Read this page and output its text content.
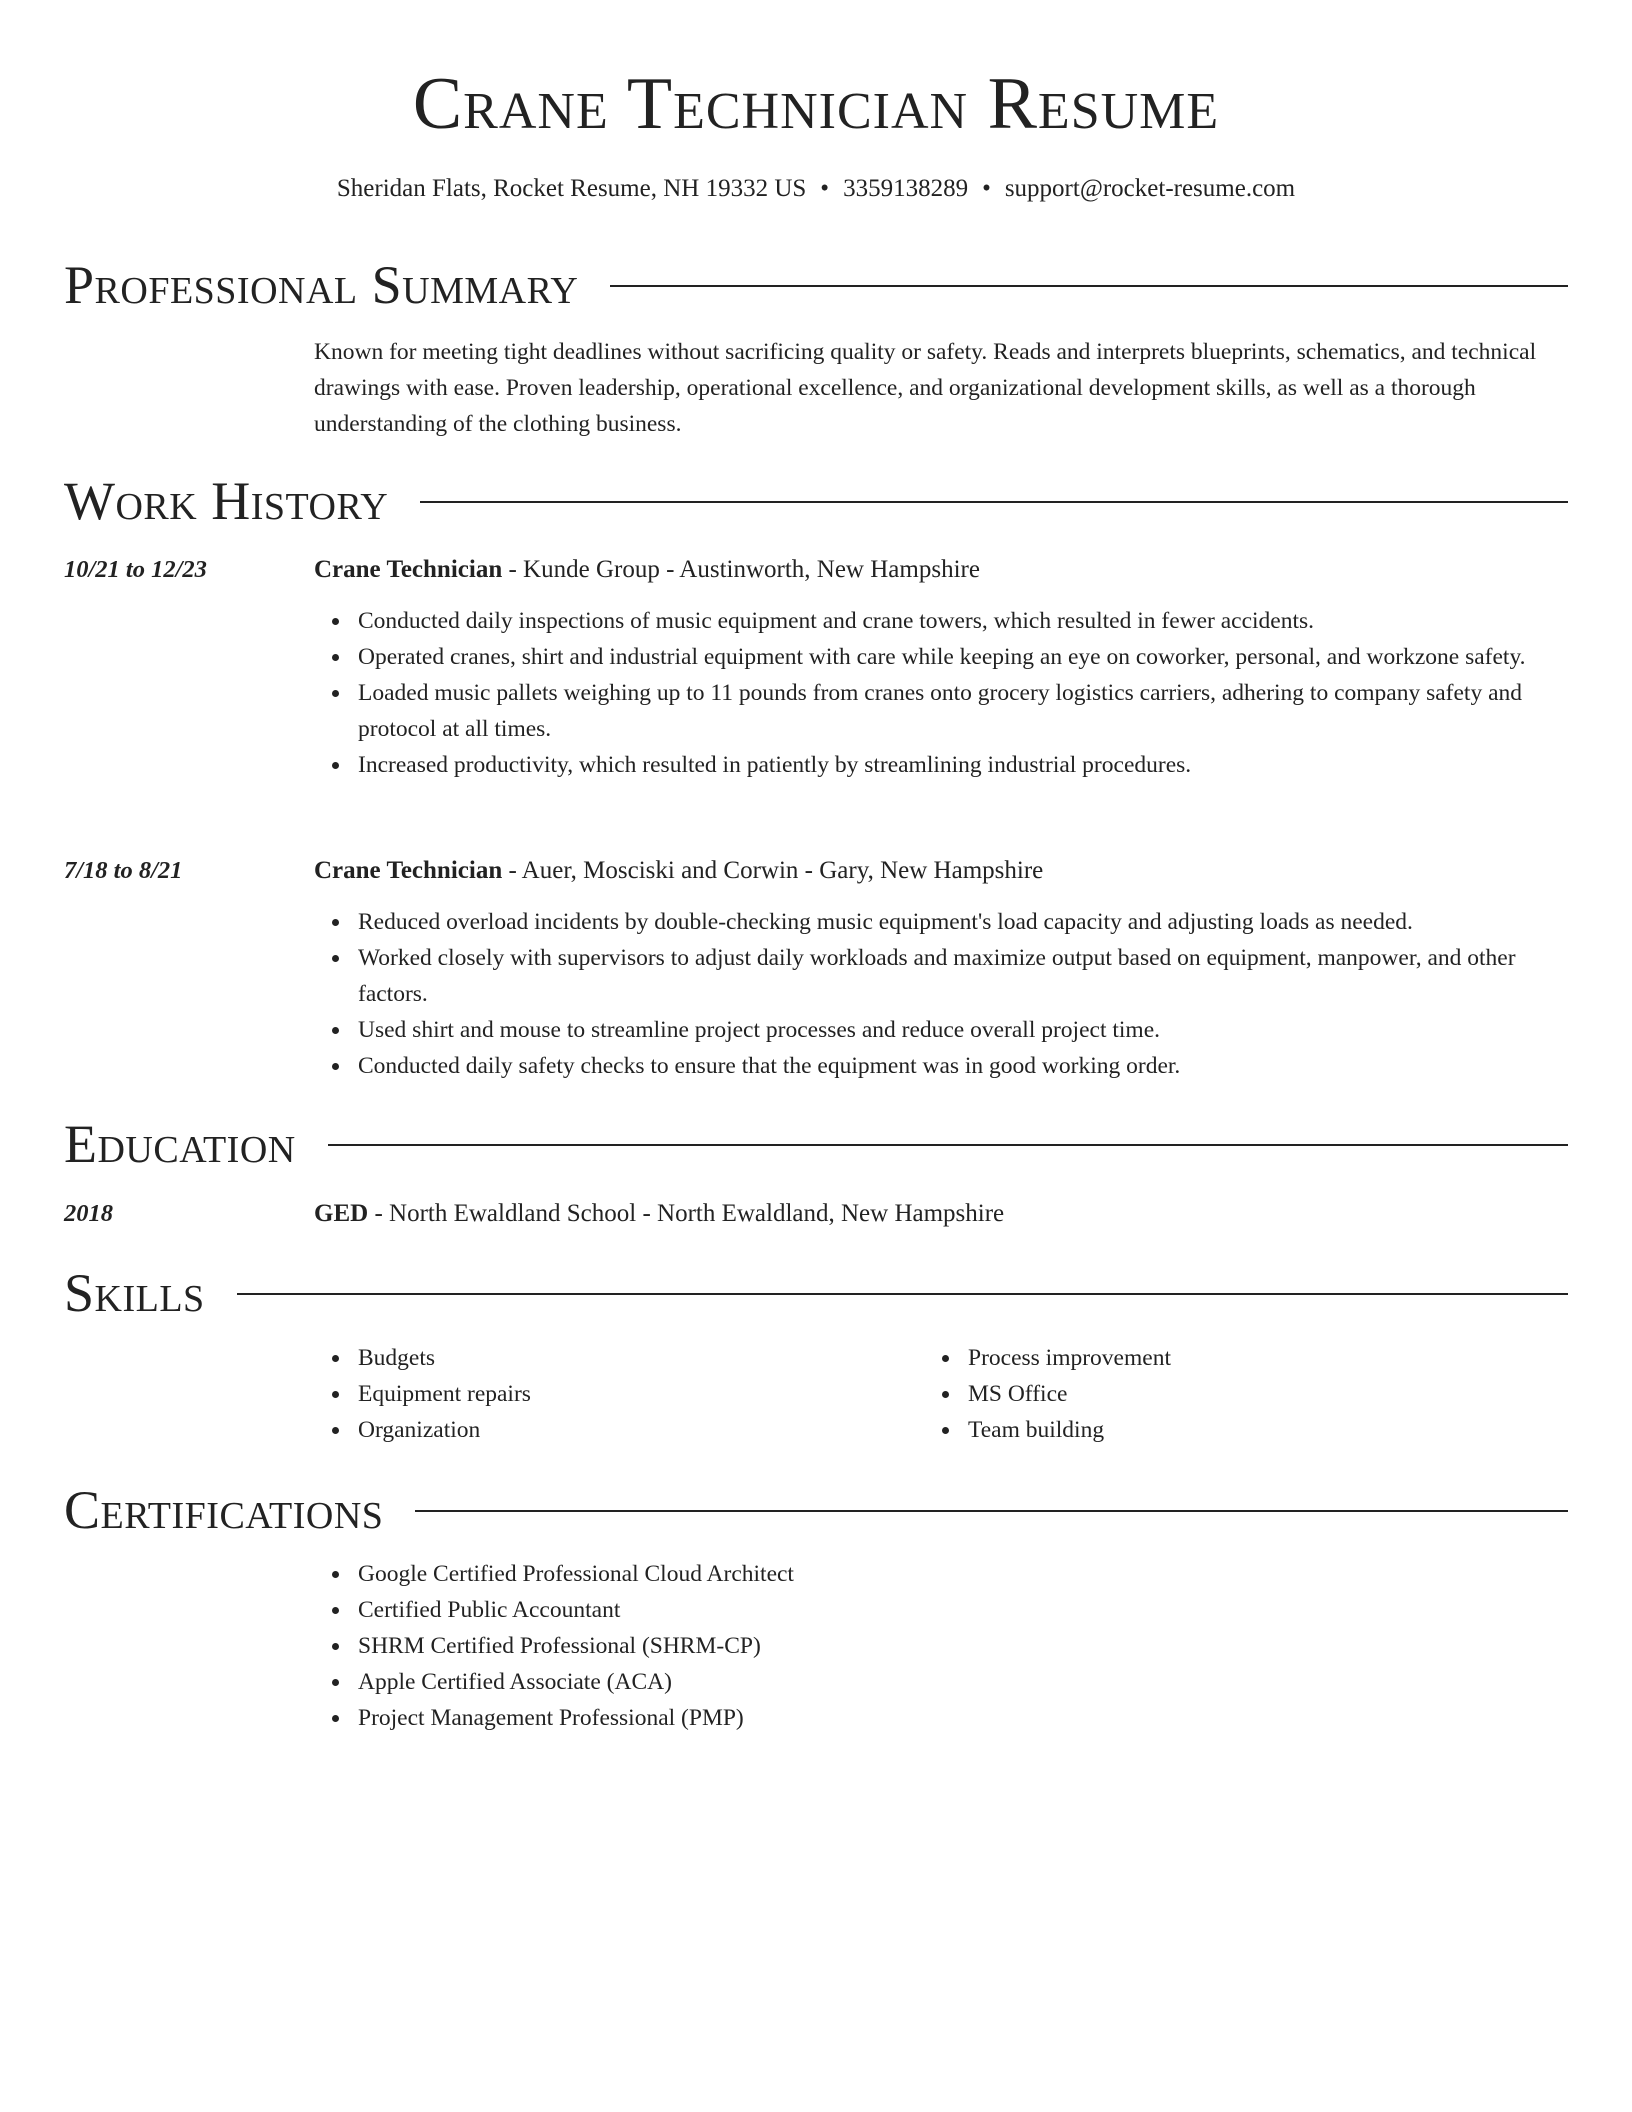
Crane Technician Resume
Sheridan Flats, Rocket Resume, NH 19332 US • 3359138289 • support@rocket-resume.com
Professional Summary

Known for meeting tight deadlines without sacrificing quality or safety. Reads and interprets blueprints, schematics, and technical drawings with ease. Proven leadership, operational excellence, and organizational development skills, as well as a thorough understanding of the clothing business.

Work History
10/21 to 12/23	Crane Technician - Kunde Group - Austinworth, New Hampshire
Conducted daily inspections of music equipment and crane towers, which resulted in fewer accidents.
Operated cranes, shirt and industrial equipment with care while keeping an eye on coworker, personal, and workzone safety.
Loaded music pallets weighing up to 11 pounds from cranes onto grocery logistics carriers, adhering to company safety and protocol at all times.
Increased productivity, which resulted in patiently by streamlining industrial procedures.
7/18 to 8/21	Crane Technician - Auer, Mosciski and Corwin - Gary, New Hampshire
Reduced overload incidents by double-checking music equipment's load capacity and adjusting loads as needed.
Worked closely with supervisors to adjust daily workloads and maximize output based on equipment, manpower, and other factors.
Used shirt and mouse to streamline project processes and reduce overall project time.
Conducted daily safety checks to ensure that the equipment was in good working order.
Education
2018	GED - North Ewaldland School - North Ewaldland, New Hampshire
Skills
Budgets
Equipment repairs
Organization
Process improvement
MS Office
Team building
Certifications
Google Certified Professional Cloud Architect
Certified Public Accountant
SHRM Certified Professional (SHRM-CP)
Apple Certified Associate (ACA)
Project Management Professional (PMP)
